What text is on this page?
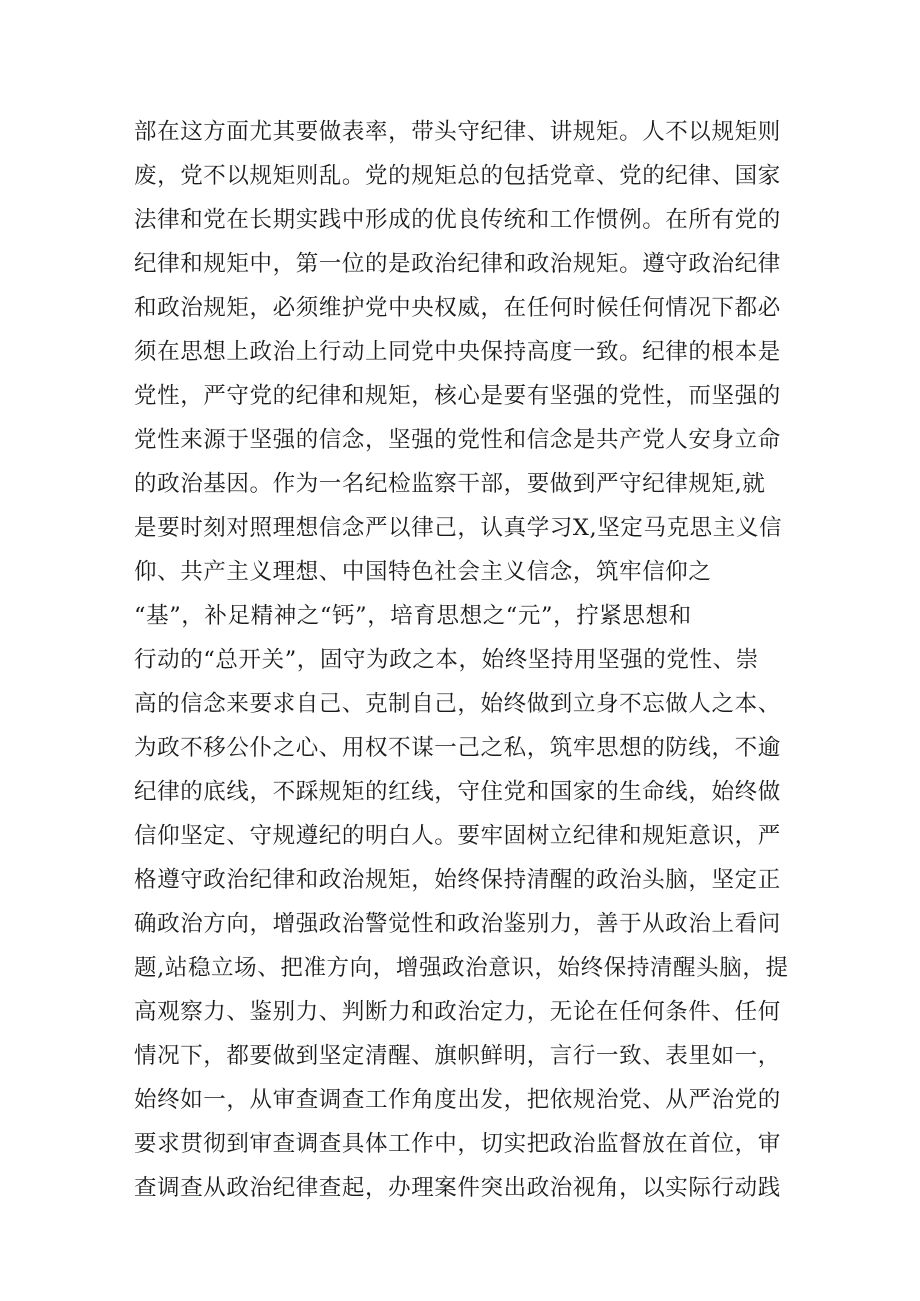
部在这方面尤其要做表率，带头守纪律、讲规矩。人不以规矩则
废，党不以规矩则乱。党的规矩总的包括党章、党的纪律、国家
法律和党在长期实践中形成的优良传统和工作惯例。在所有党的
纪律和规矩中，第一位的是政治纪律和政治规矩。遵守政治纪律
和政治规矩，必须维护党中央权威，在任何时候任何情况下都必
须在思想上政治上行动上同党中央保持高度一致。纪律的根本是
党性，严守党的纪律和规矩，核心是要有坚强的党性，而坚强的
党性来源于坚强的信念，坚强的党性和信念是共产党人安身立命
的政治基因。作为一名纪检监察干部，要做到严守纪律规矩,就
是要时刻对照理想信念严以律己，认真学习X,坚定马克思主义信
仰、共产主义理想、中国特色社会主义信念，筑牢信仰之
“基”，补足精神之“钙”，培育思想之“元”，拧紧思想和
行动的“总开关”，固守为政之本，始终坚持用坚强的党性、崇
高的信念来要求自己、克制自己，始终做到立身不忘做人之本、
为政不移公仆之心、用权不谋一己之私，筑牢思想的防线，不逾
纪律的底线，不踩规矩的红线，守住党和国家的生命线，始终做
信仰坚定、守规遵纪的明白人。要牢固树立纪律和规矩意识，严
格遵守政治纪律和政治规矩，始终保持清醒的政治头脑，坚定正
确政治方向，增强政治警觉性和政治鉴别力，善于从政治上看问
题,站稳立场、把准方向，增强政治意识，始终保持清醒头脑，提
高观察力、鉴别力、判断力和政治定力，无论在任何条件、任何
情况下，都要做到坚定清醒、旗帜鲜明，言行一致、表里如一，
始终如一，从审查调查工作角度出发，把依规治党、从严治党的
要求贯彻到审查调查具体工作中，切实把政治监督放在首位，审
查调查从政治纪律查起，办理案件突出政治视角，以实际行动践
